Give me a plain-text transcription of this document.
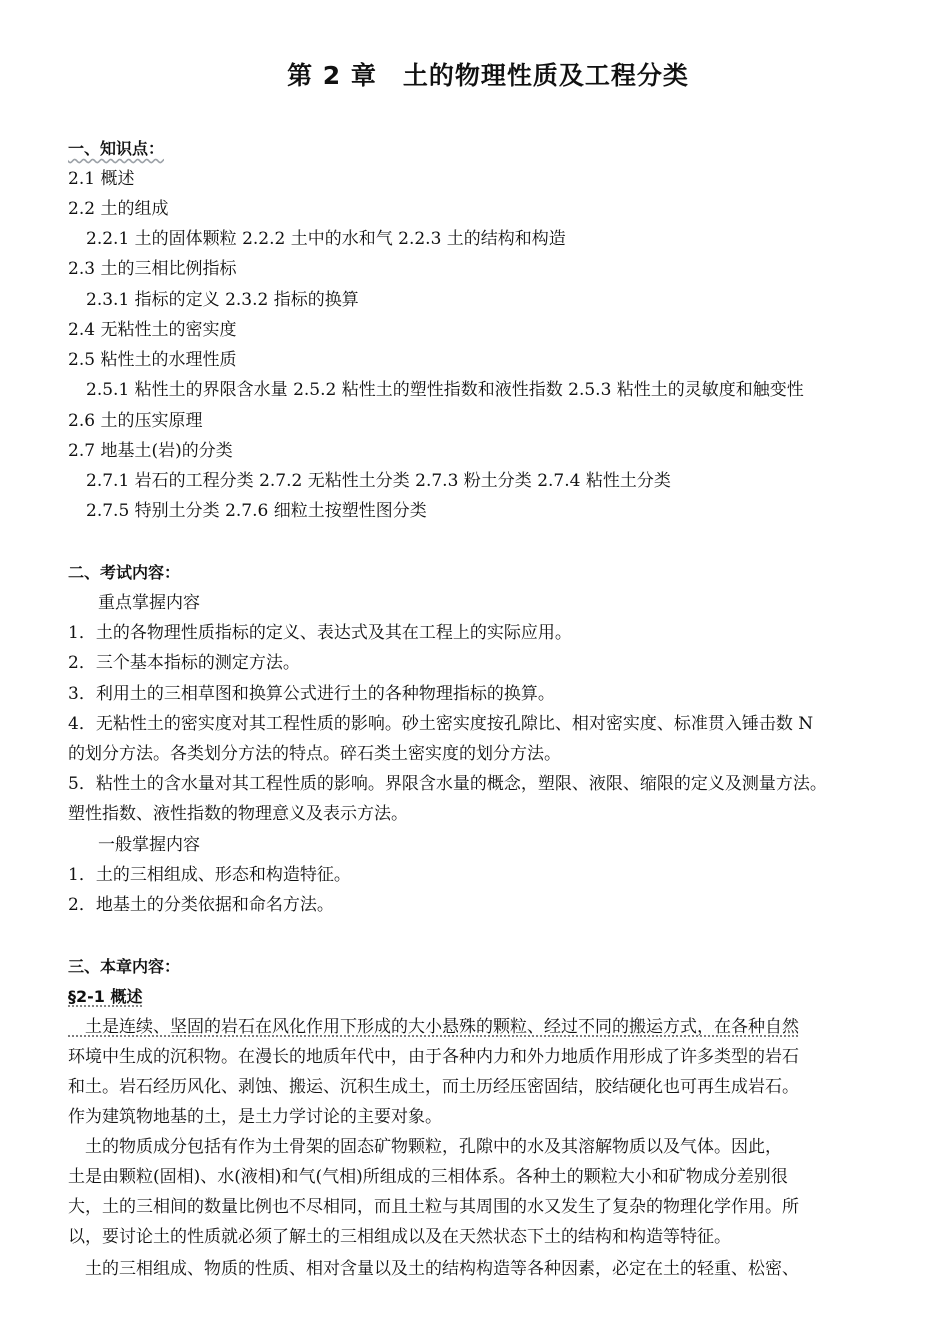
第 2 章　土的物理性质及工程分类
一、知识点：
2.1 概述
2.2 土的组成
2.2.1 土的固体颗粒 2.2.2 土中的水和气 2.2.3 土的结构和构造
2.3 土的三相比例指标
2.3.1 指标的定义 2.3.2 指标的换算
2.4 无粘性土的密实度
2.5 粘性土的水理性质
2.5.1 粘性土的界限含水量 2.5.2 粘性土的塑性指数和液性指数 2.5.3 粘性土的灵敏度和触变性
2.6 土的压实原理
2.7 地基土(岩)的分类
2.7.1 岩石的工程分类 2.7.2 无粘性土分类 2.7.3 粉土分类 2.7.4 粘性土分类
2.7.5 特别土分类 2.7.6 细粒土按塑性图分类
二、考试内容：
重点掌握内容
1．土的各物理性质指标的定义、表达式及其在工程上的实际应用。
2．三个基本指标的测定方法。
3．利用土的三相草图和换算公式进行土的各种物理指标的换算。
4．无粘性土的密实度对其工程性质的影响。砂土密实度按孔隙比、相对密实度、标准贯入锤击数 N
的划分方法。各类划分方法的特点。碎石类土密实度的划分方法。
5．粘性土的含水量对其工程性质的影响。界限含水量的概念，塑限、液限、缩限的定义及测量方法。
塑性指数、液性指数的物理意义及表示方法。
一般掌握内容
1．土的三相组成、形态和构造特征。
2．地基土的分类依据和命名方法。
三、本章内容：
§2-1 概述
　土是连续、坚固的岩石在风化作用下形成的大小悬殊的颗粒、经过不同的搬运方式，在各种自然
环境中生成的沉积物。在漫长的地质年代中，由于各种内力和外力地质作用形成了许多类型的岩石
和土。岩石经历风化、剥蚀、搬运、沉积生成土，而土历经压密固结，胶结硬化也可再生成岩石。
作为建筑物地基的土，是土力学讨论的主要对象。
　土的物质成分包括有作为土骨架的固态矿物颗粒，孔隙中的水及其溶解物质以及气体。因此，
土是由颗粒(固相)、水(液相)和气(气相)所组成的三相体系。各种土的颗粒大小和矿物成分差别很
大，土的三相间的数量比例也不尽相同，而且土粒与其周围的水又发生了复杂的物理化学作用。所
以，要讨论土的性质就必须了解土的三相组成以及在天然状态下土的结构和构造等特征。
　土的三相组成、物质的性质、相对含量以及土的结构构造等各种因素，必定在土的轻重、松密、
